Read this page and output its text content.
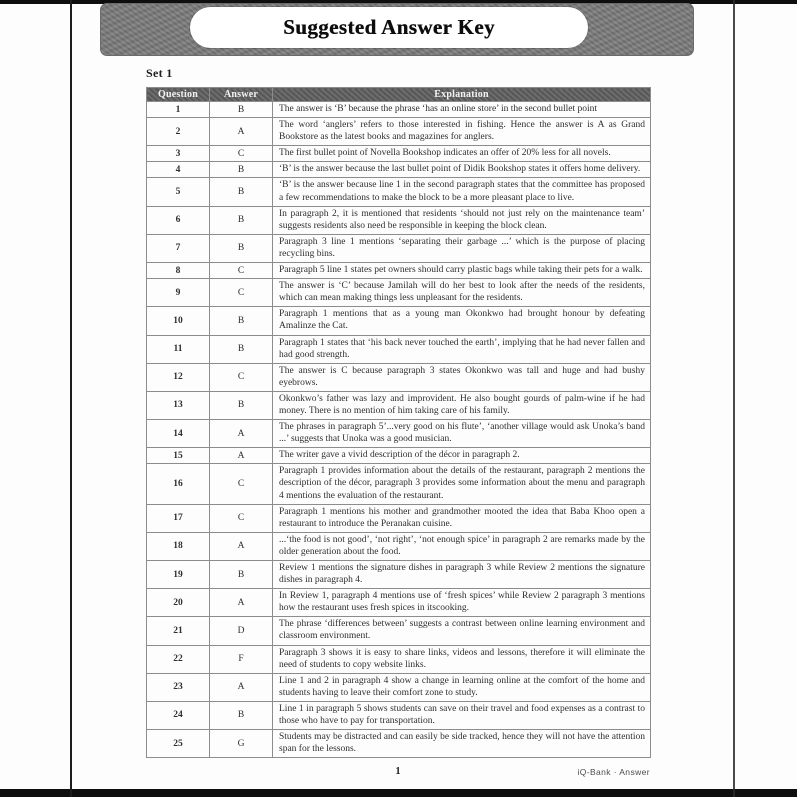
Suggested Answer Key
Set 1
Question	Answer	Explanation
1	B	The answer is ‘B’ because the phrase ‘has an online store’ in the second bullet point
2	A	The word ‘anglers’ refers to those interested in fishing. Hence the answer is A as Grand Bookstore as the latest books and magazines for anglers.
3	C	The first bullet point of Novella Bookshop indicates an offer of 20% less for all novels.
4	B	‘B’ is the answer because the last bullet point of Didik Bookshop states it offers home delivery.
5	B	‘B’ is the answer because line 1 in the second paragraph states that the committee has proposed a few recommendations to make the block to be a more pleasant place to live.
6	B	In paragraph 2, it is mentioned that residents ‘should not just rely on the maintenance team’ suggests residents also need be responsible in keeping the block clean.
7	B	Paragraph 3 line 1 mentions ‘separating their garbage ...’ which is the purpose of placing recycling bins.
8	C	Paragraph 5 line 1 states pet owners should carry plastic bags while taking their pets for a walk.
9	C	The answer is ‘C’ because Jamilah will do her best to look after the needs of the residents, which can mean making things less unpleasant for the residents.
10	B	Paragraph 1 mentions that as a young man Okonkwo had brought honour by defeating Amalinze the Cat.
11	B	Paragraph 1 states that ‘his back never touched the earth’, implying that he had never fallen and had good strength.
12	C	The answer is C because paragraph 3 states Okonkwo was tall and huge and had bushy eyebrows.
13	B	Okonkwo’s father was lazy and improvident. He also bought gourds of palm-wine if he had money. There is no mention of him taking care of his family.
14	A	The phrases in paragraph 5’...very good on his flute’, ‘another village would ask Unoka’s band ...’ suggests that Unoka was a good musician.
15	A	The writer gave a vivid description of the décor in paragraph 2.
16	C	Paragraph 1 provides information about the details of the restaurant, paragraph 2 mentions the description of the décor, paragraph 3 provides some information about the menu and paragraph 4 mentions the evaluation of the restaurant.
17	C	Paragraph 1 mentions his mother and grandmother mooted the idea that Baba Khoo open a restaurant to introduce the Peranakan cuisine.
18	A	...‘the food is not good’, ‘not right’, ‘not enough spice’ in paragraph 2 are remarks made by the older generation about the food.
19	B	Review 1 mentions the signature dishes in paragraph 3 while Review 2 mentions the signature dishes in paragraph 4.
20	A	In Review 1, paragraph 4 mentions use of ‘fresh spices’ while Review 2 paragraph 3 mentions how the restaurant uses fresh spices in itscooking.
21	D	The phrase ‘differences between’ suggests a contrast between online learning environment and classroom environment.
22	F	Paragraph 3 shows it is easy to share links, videos and lessons, therefore it will eliminate the need of students to copy website links.
23	A	Line 1 and 2 in paragraph 4 show a change in learning online at the comfort of the home and students having to leave their comfort zone to study.
24	B	Line 1 in paragraph 5 shows students can save on their travel and food expenses as a contrast to those who have to pay for transportation.
25	G	Students may be distracted and can easily be side tracked, hence they will not have the attention span for the lessons.
1	iQ-Bank · Answer
